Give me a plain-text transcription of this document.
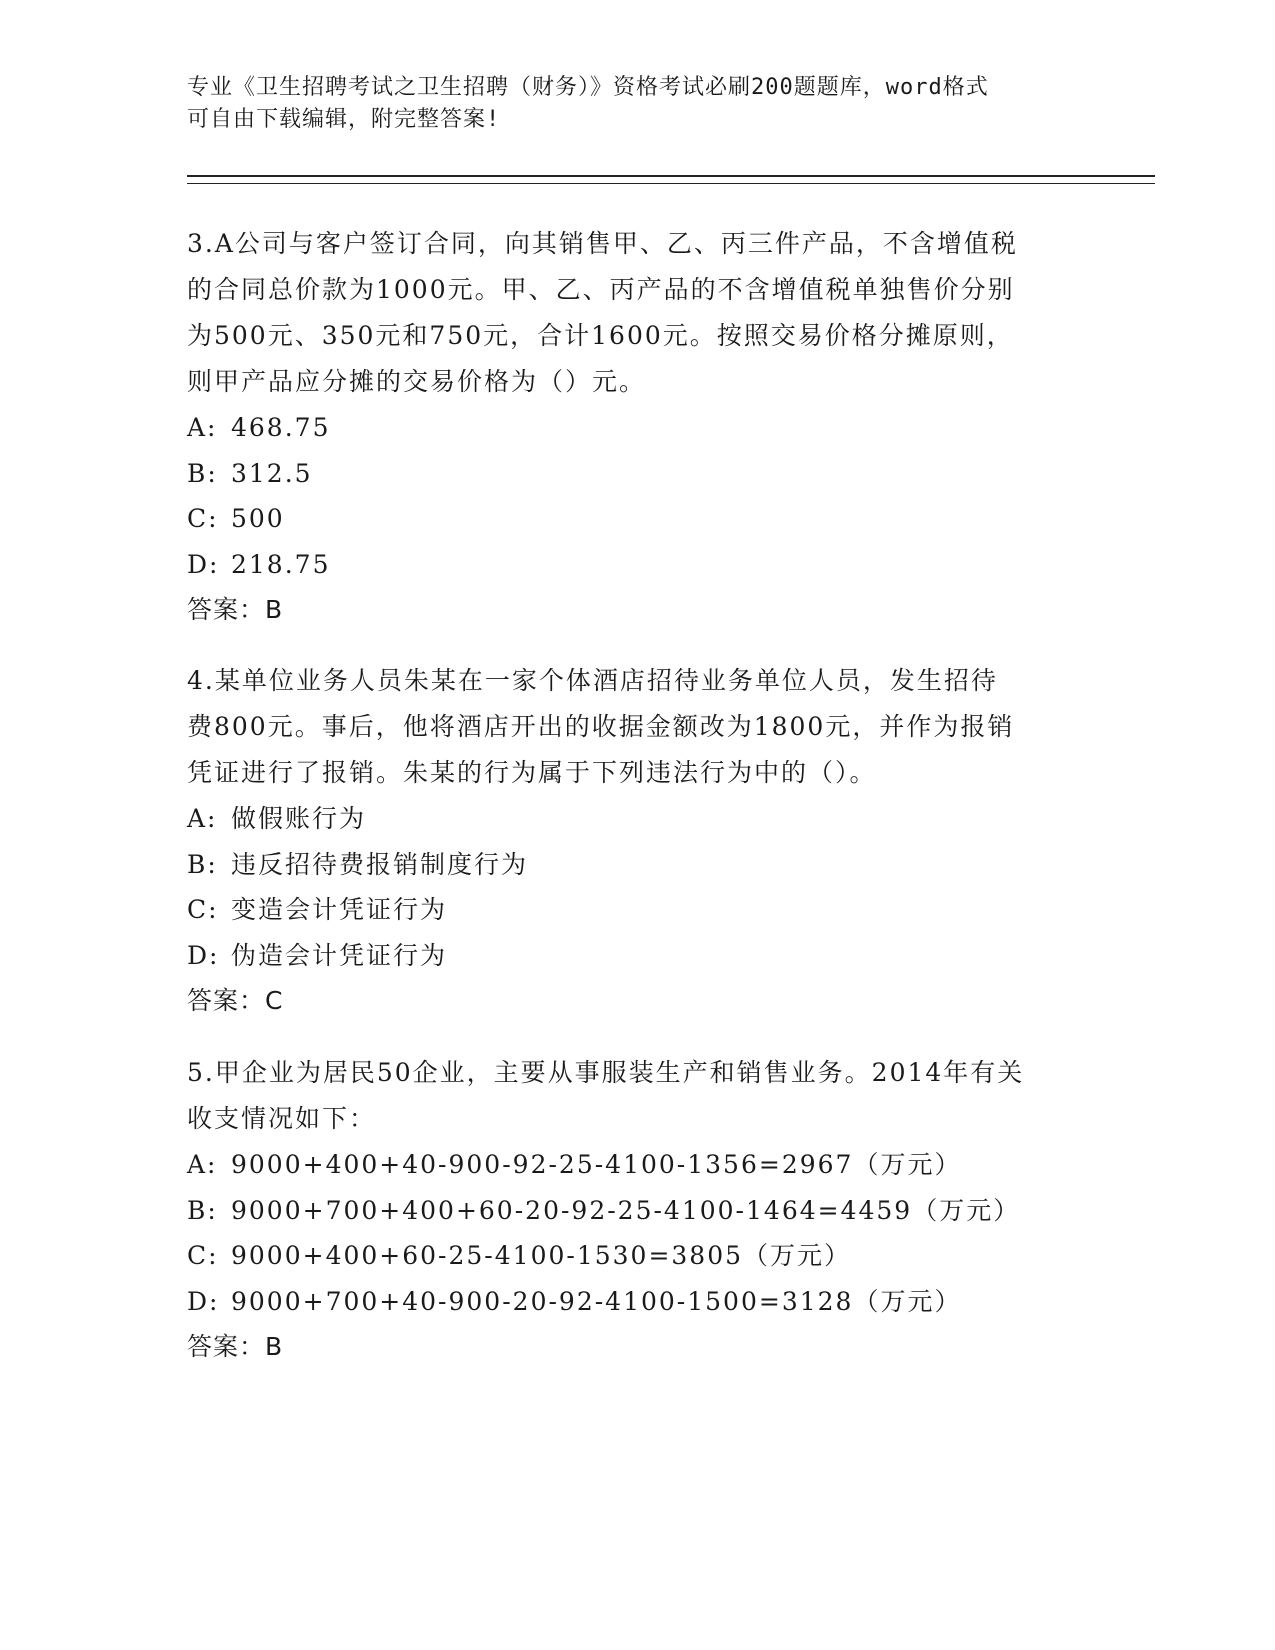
专业《卫生招聘考试之卫生招聘（财务）》资格考试必刷200题题库，word格式
可自由下载编辑，附完整答案!
3.A公司与客户签订合同，向其销售甲、乙、丙三件产品，不含增值税
的合同总价款为1000元。甲、乙、丙产品的不含增值税单独售价分别
为500元、350元和750元，合计1600元。按照交易价格分摊原则，
则甲产品应分摊的交易价格为（）元。
A: 468.75
B: 312.5
C: 500
D: 218.75
答案：B
4.某单位业务人员朱某在一家个体酒店招待业务单位人员，发生招待
费800元。事后，他将酒店开出的收据金额改为1800元，并作为报销
凭证进行了报销。朱某的行为属于下列违法行为中的（）。
A: 做假账行为
B: 违反招待费报销制度行为
C: 变造会计凭证行为
D: 伪造会计凭证行为
答案：C
5.甲企业为居民50企业，主要从事服装生产和销售业务。2014年有关
收支情况如下：
A: 9000+400+40-900-92-25-4100-1356=2967（万元）
B: 9000+700+400+60-20-92-25-4100-1464=4459（万元）
C: 9000+400+60-25-4100-1530=3805（万元）
D: 9000+700+40-900-20-92-4100-1500=3128（万元）
答案：B
